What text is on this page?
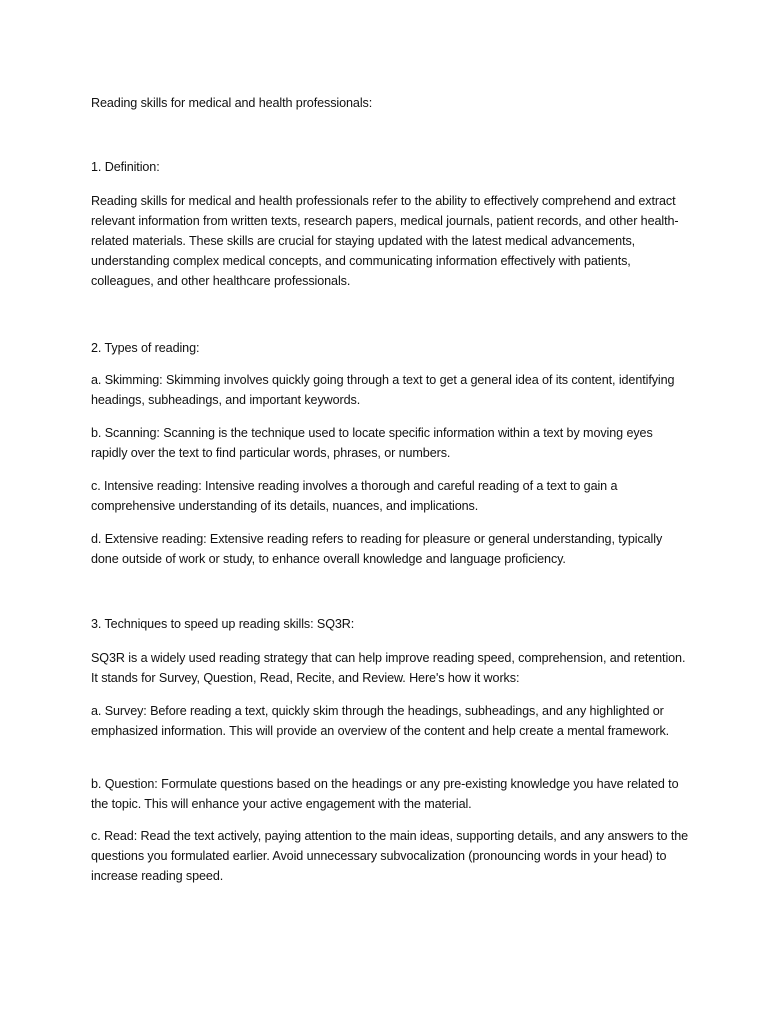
Reading skills for medical and health professionals:
1. Definition:
Reading skills for medical and health professionals refer to the ability to effectively comprehend and extract relevant information from written texts, research papers, medical journals, patient records, and other health-related materials. These skills are crucial for staying updated with the latest medical advancements, understanding complex medical concepts, and communicating information effectively with patients, colleagues, and other healthcare professionals.
2. Types of reading:
a. Skimming: Skimming involves quickly going through a text to get a general idea of its content, identifying headings, subheadings, and important keywords.
b. Scanning: Scanning is the technique used to locate specific information within a text by moving eyes rapidly over the text to find particular words, phrases, or numbers.
c. Intensive reading: Intensive reading involves a thorough and careful reading of a text to gain a comprehensive understanding of its details, nuances, and implications.
d. Extensive reading: Extensive reading refers to reading for pleasure or general understanding, typically done outside of work or study, to enhance overall knowledge and language proficiency.
3. Techniques to speed up reading skills: SQ3R:
SQ3R is a widely used reading strategy that can help improve reading speed, comprehension, and retention. It stands for Survey, Question, Read, Recite, and Review. Here's how it works:
a. Survey: Before reading a text, quickly skim through the headings, subheadings, and any highlighted or emphasized information. This will provide an overview of the content and help create a mental framework.
b. Question: Formulate questions based on the headings or any pre-existing knowledge you have related to the topic. This will enhance your active engagement with the material.
c. Read: Read the text actively, paying attention to the main ideas, supporting details, and any answers to the questions you formulated earlier. Avoid unnecessary subvocalization (pronouncing words in your head) to increase reading speed.
